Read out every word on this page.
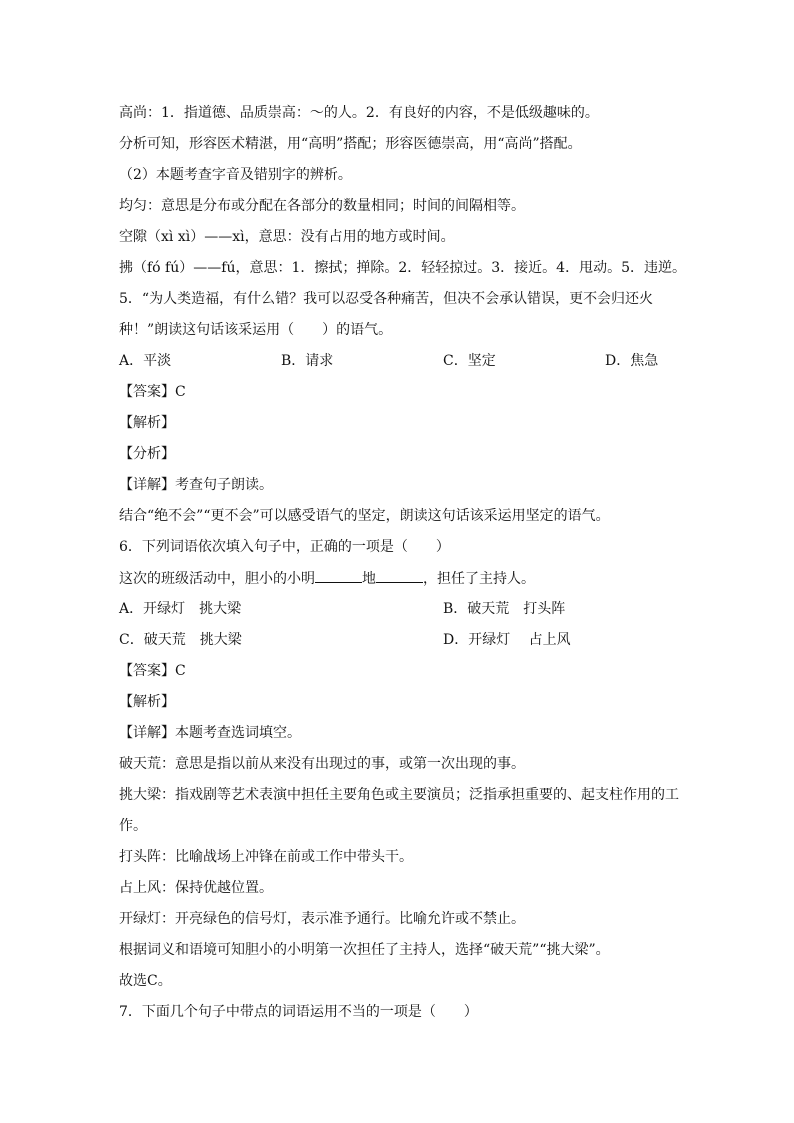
高尚：1．指道德、品质崇高：～的人。2．有良好的内容，不是低级趣味的。
分析可知，形容医术精湛，用“高明”搭配；形容医德崇高，用“高尚”搭配。
（2）本题考查字音及错别字的辨析。
均匀：意思是分布或分配在各部分的数量相同；时间的间隔相等。
空隙（xì xì）——xì，意思：没有占用的地方或时间。
拂（fó fú）——fú，意思：1．擦拭；掸除。2．轻轻掠过。3．接近。4．甩动。5．违逆。
5．“为人类造福，有什么错？我可以忍受各种痛苦，但决不会承认错误，更不会归还火
种！”朗读这句话该采运用（　　）的语气。
A．平淡	B．请求	C．坚定	D．焦急
【答案】C
【解析】
【分析】
【详解】考查句子朗读。
结合“绝不会”“更不会”可以感受语气的坚定，朗读这句话该采运用坚定的语气。
6．下列词语依次填入句子中，正确的一项是（　　）
这次的班级活动中，胆小的小明	地	，担任了主持人。
A．开绿灯　挑大梁	B．破天荒　打头阵
C．破天荒　挑大梁	D．开绿灯　 占上风
【答案】C
【解析】
【详解】本题考查选词填空。
破天荒：意思是指以前从来没有出现过的事，或第一次出现的事。
挑大梁：指戏剧等艺术表演中担任主要角色或主要演员；泛指承担重要的、起支柱作用的工
作。
打头阵：比喻战场上冲锋在前或工作中带头干。
占上风：保持优越位置。
开绿灯：开亮绿色的信号灯，表示准予通行。比喻允许或不禁止。
根据词义和语境可知胆小的小明第一次担任了主持人，选择“破天荒”“挑大梁”。
故选C。
7．下面几个句子中带点的词语运用不当的一项是（　　）
